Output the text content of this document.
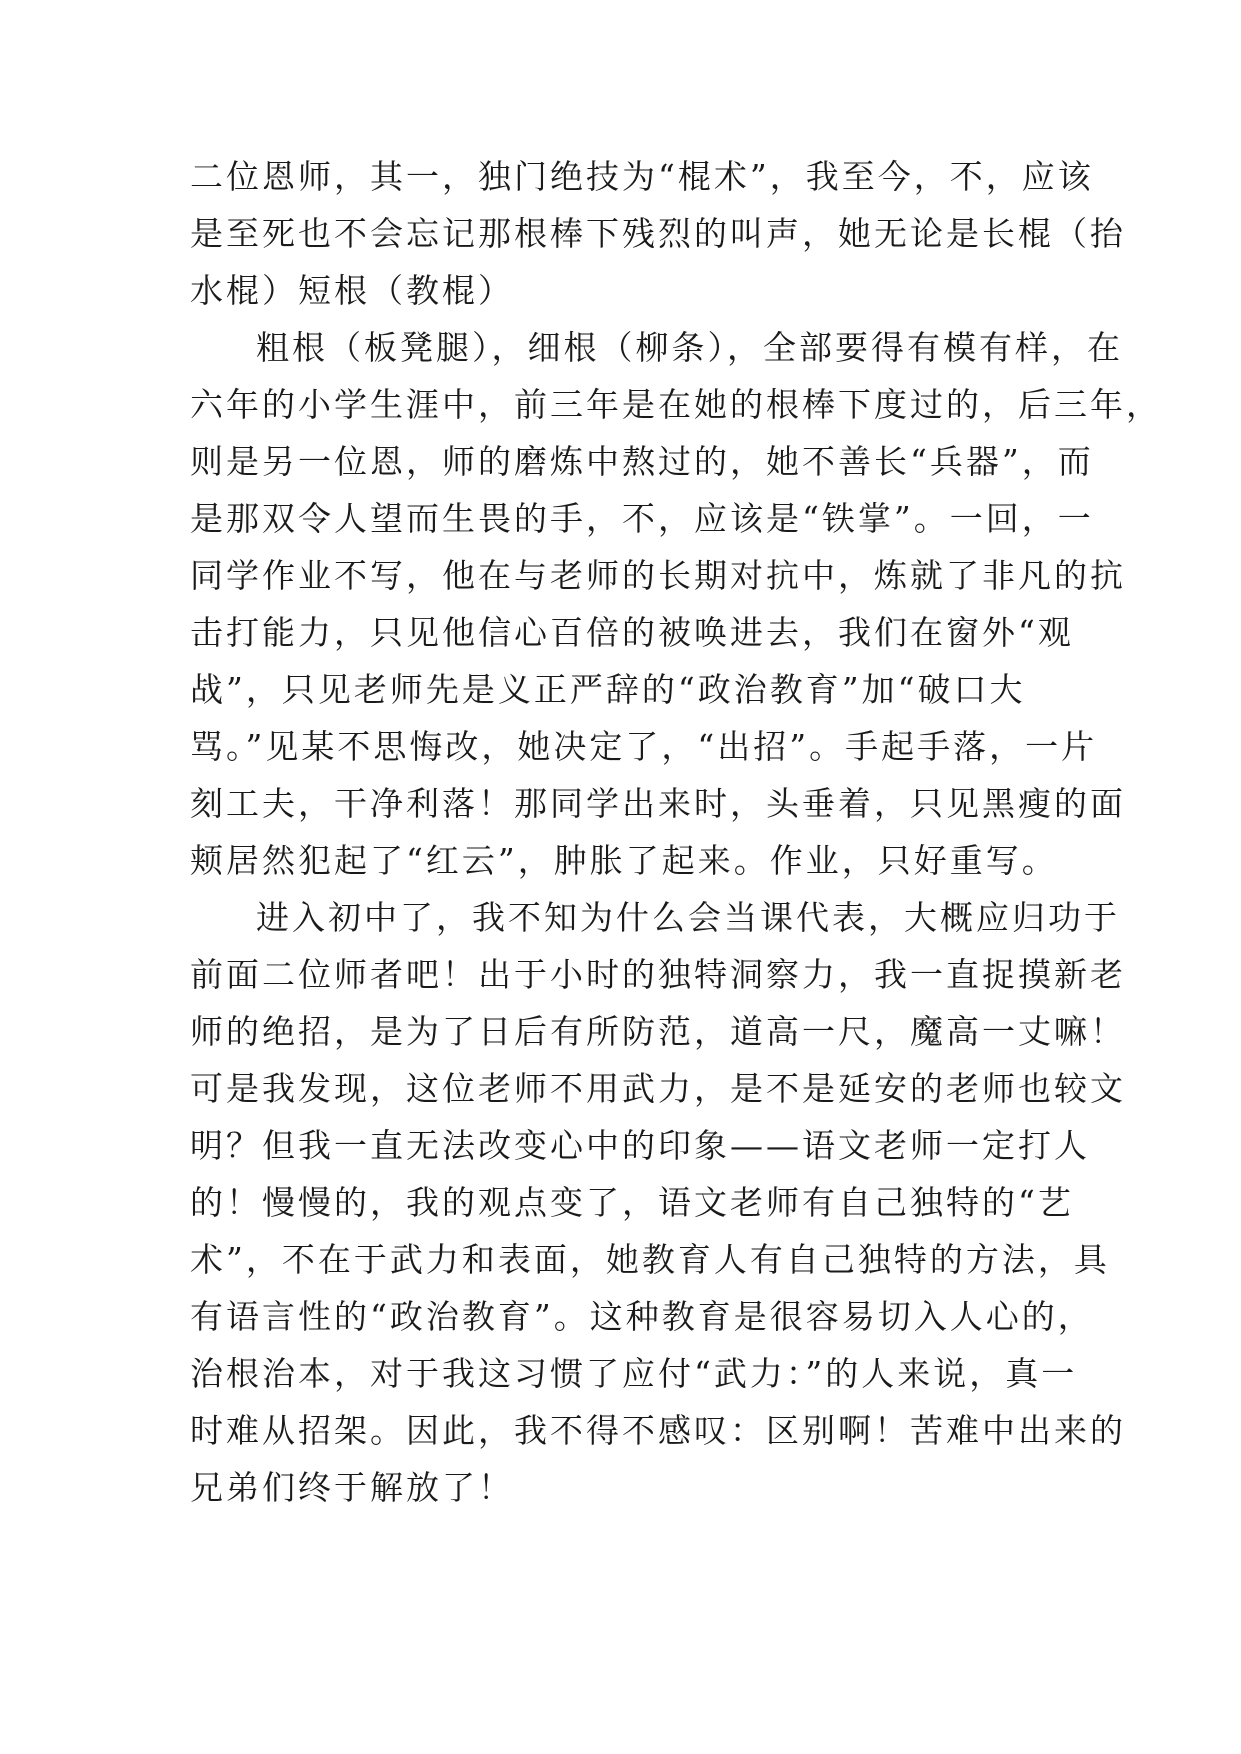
二位恩师，其一，独门绝技为“棍术”，我至今，不，应该
是至死也不会忘记那根棒下残烈的叫声，她无论是长棍（抬
水棍）短根（教棍）
粗根（板凳腿），细根（柳条），全部要得有模有样，在
六年的小学生涯中，前三年是在她的根棒下度过的，后三年，
则是另一位恩，师的磨炼中熬过的，她不善长“兵器”，而
是那双令人望而生畏的手，不，应该是“铁掌”。一回，一
同学作业不写，他在与老师的长期对抗中，炼就了非凡的抗
击打能力，只见他信心百倍的被唤进去，我们在窗外“观
战”，只见老师先是义正严辞的“政治教育”加“破口大
骂。”见某不思悔改，她决定了，“出招”。手起手落，一片
刻工夫，干净利落！那同学出来时，头垂着，只见黑瘦的面
颊居然犯起了“红云”，肿胀了起来。作业，只好重写。
进入初中了，我不知为什么会当课代表，大概应归功于
前面二位师者吧！出于小时的独特洞察力，我一直捉摸新老
师的绝招，是为了日后有所防范，道高一尺，魔高一丈嘛！
可是我发现，这位老师不用武力，是不是延安的老师也较文
明？但我一直无法改变心中的印象——语文老师一定打人
的！慢慢的，我的观点变了，语文老师有自己独特的“艺
术”，不在于武力和表面，她教育人有自己独特的方法，具
有语言性的“政治教育”。这种教育是很容易切入人心的，
治根治本，对于我这习惯了应付“武力：”的人来说，真一
时难从招架。因此，我不得不感叹：区别啊！苦难中出来的
兄弟们终于解放了！
